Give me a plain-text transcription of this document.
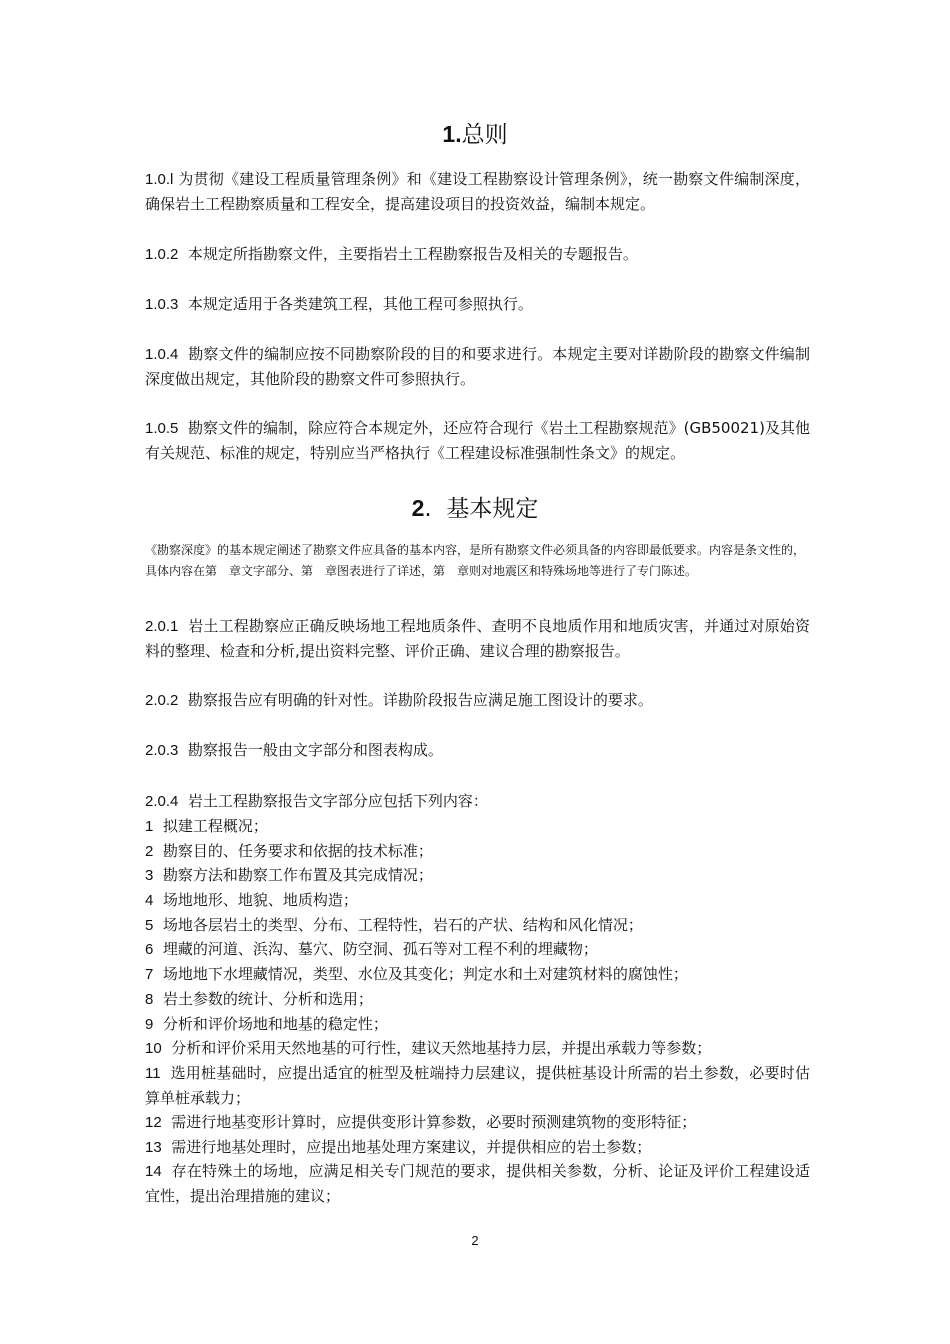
1.总则
1.0.l 为贯彻《建设工程质量管理条例》和《建设工程勘察设计管理条例》，统一勘察文件编制深度，确保岩土工程勘察质量和工程安全，提高建设项目的投资效益，编制本规定。
1.0.2 本规定所指勘察文件，主要指岩土工程勘察报告及相关的专题报告。
1.0.3 本规定适用于各类建筑工程，其他工程可参照执行。
1.0.4 勘察文件的编制应按不同勘察阶段的目的和要求进行。本规定主要对详勘阶段的勘察文件编制深度做出规定，其他阶段的勘察文件可参照执行。
1.0.5 勘察文件的编制，除应符合本规定外，还应符合现行《岩土工程勘察规范》(GB50021)及其他有关规范、标准的规定，特别应当严格执行《工程建设标准强制性条文》的规定。
2. 基本规定
《勘察深度》的基本规定阐述了勘察文件应具备的基本内容，是所有勘察文件必须具备的内容即最低要求。内容是条文性的，具体内容在第　章文字部分、第　章图表进行了详述，第　章则对地震区和特殊场地等进行了专门陈述。
2.0.1 岩土工程勘察应正确反映场地工程地质条件、查明不良地质作用和地质灾害，并通过对原始资料的整理、检查和分析,提出资料完整、评价正确、建议合理的勘察报告。
2.0.2 勘察报告应有明确的针对性。详勘阶段报告应满足施工图设计的要求。
2.0.3 勘察报告一般由文字部分和图表构成。
2.0.4 岩土工程勘察报告文字部分应包括下列内容：
1 拟建工程概况；
2 勘察目的、任务要求和依据的技术标准；
3 勘察方法和勘察工作布置及其完成情况；
4 场地地形、地貌、地质构造；
5 场地各层岩土的类型、分布、工程特性，岩石的产状、结构和风化情况；
6 埋藏的河道、浜沟、墓穴、防空洞、孤石等对工程不利的埋藏物；
7 场地地下水埋藏情况，类型、水位及其变化；判定水和土对建筑材料的腐蚀性；
8 岩土参数的统计、分析和选用；
9 分析和评价场地和地基的稳定性；
10 分析和评价采用天然地基的可行性，建议天然地基持力层，并提出承载力等参数；
11 选用桩基础时，应提出适宜的桩型及桩端持力层建议，提供桩基设计所需的岩土参数，必要时估算单桩承载力；
12 需进行地基变形计算时，应提供变形计算参数，必要时预测建筑物的变形特征；
13 需进行地基处理时，应提出地基处理方案建议，并提供相应的岩土参数；
14 存在特殊土的场地，应满足相关专门规范的要求，提供相关参数，分析、论证及评价工程建设适宜性，提出治理措施的建议；
2
